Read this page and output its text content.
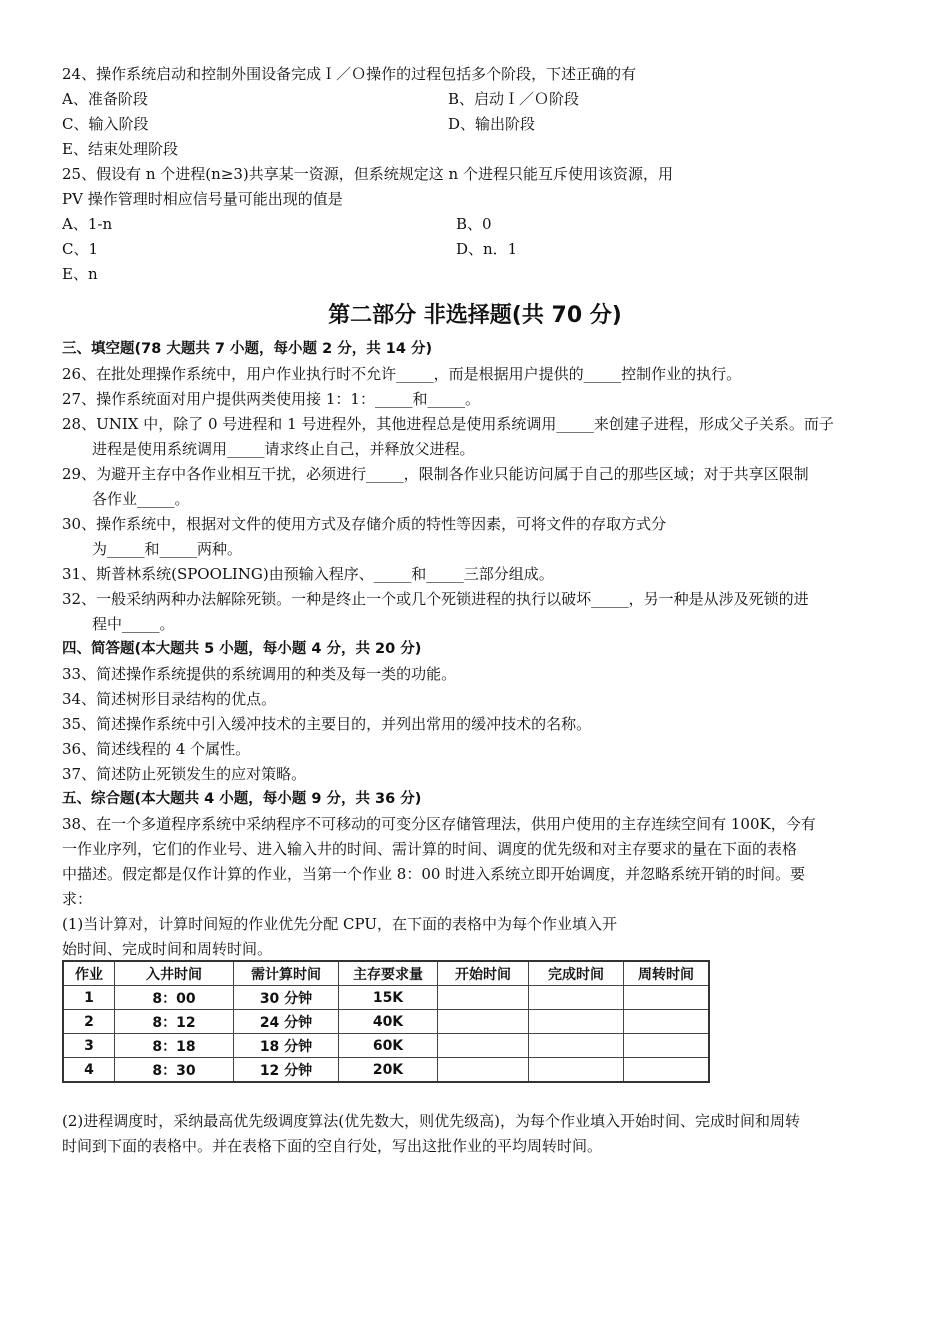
24、操作系统启动和控制外围设备完成Ｉ／Ｏ操作的过程包括多个阶段，下述正确的有
A、准备阶段	B、启动Ｉ／Ｏ阶段
C、输入阶段	D、输出阶段
E、结束处理阶段
25、假设有 n 个进程(n≥3)共享某一资源，但系统规定这 n 个进程只能互斥使用该资源，用
PV 操作管理时相应信号量可能出现的值是
A、1-n	B、0
C、1	D、n．1
E、n
第二部分 非选择题(共 70 分)
三、填空题(78 大题共 7 小题，每小题 2 分，共 14 分)
26、在批处理操作系统中，用户作业执行时不允许_____，而是根据用户提供的_____控制作业的执行。
27、操作系统面对用户提供两类使用接 1：1：_____和_____。
28、UNIX 中，除了 0 号进程和 1 号进程外，其他进程总是使用系统调用_____来创建子进程，形成父子关系。而子
进程是使用系统调用_____请求终止自己，并释放父进程。
29、为避开主存中各作业相互干扰，必须进行_____，限制各作业只能访问属于自己的那些区域；对于共享区限制
各作业_____。
30、操作系统中，根据对文件的使用方式及存储介质的特性等因素，可将文件的存取方式分
为_____和_____两种。
31、斯普林系统(SPOOLING)由预输入程序、_____和_____三部分组成。
32、一般采纳两种办法解除死锁。一种是终止一个或几个死锁进程的执行以破坏_____，另一种是从涉及死锁的进
程中_____。
四、简答题(本大题共 5 小题，每小题 4 分，共 20 分)
33、简述操作系统提供的系统调用的种类及每一类的功能。
34、简述树形目录结构的优点。
35、简述操作系统中引入缓冲技术的主要目的，并列出常用的缓冲技术的名称。
36、简述线程的 4 个属性。
37、简述防止死锁发生的应对策略。
五、综合题(本大题共 4 小题，每小题 9 分，共 36 分)
38、在一个多道程序系统中采纳程序不可移动的可变分区存储管理法，供用户使用的主存连续空间有 100K，今有
一作业序列，它们的作业号、进入输入井的时间、需计算的时间、调度的优先级和对主存要求的量在下面的表格
中描述。假定都是仅作计算的作业，当第一个作业 8：00 时进入系统立即开始调度，并忽略系统开销的时间。要
求：
(1)当计算对，计算时间短的作业优先分配 CPU，在下面的表格中为每个作业填入开
始时间、完成时间和周转时间。
作业	入井时间	需计算时间	主存要求量	开始时间	完成时间	周转时间
1	8：00	30 分钟	15K			
2	8：12	24 分钟	40K			
3	8：18	18 分钟	60K			
4	8：30	12 分钟	20K			
(2)进程调度时，采纳最高优先级调度算法(优先数大，则优先级高)，为每个作业填入开始时间、完成时间和周转
时间到下面的表格中。并在表格下面的空自行处，写出这批作业的平均周转时间。
